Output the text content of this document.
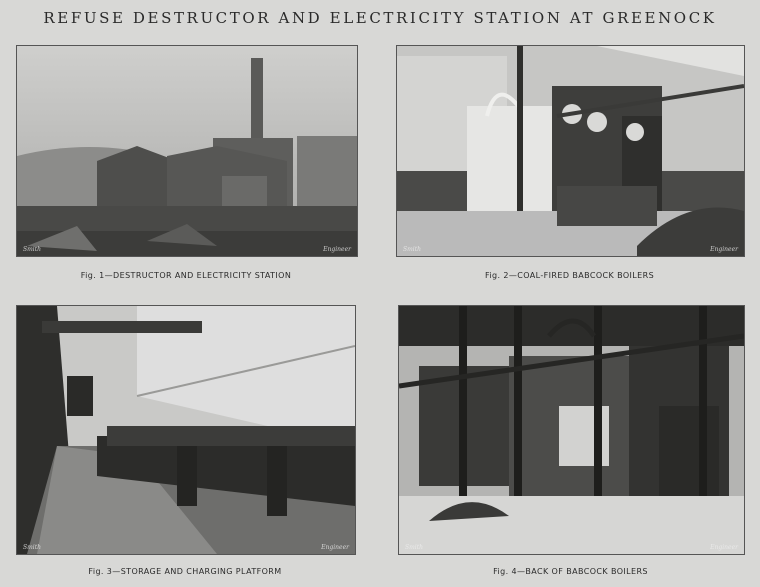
REFUSE DESTRUCTOR AND ELECTRICITY STATION AT GREENOCK
Smith	Engineer
Fig. 1—DESTRUCTOR AND ELECTRICITY STATION
Smith	Engineer
Fig. 2—COAL-FIRED BABCOCK BOILERS
Smith	Engineer
Fig. 3—STORAGE AND CHARGING PLATFORM
Smith	Engineer
Fig. 4—BACK OF BABCOCK BOILERS
